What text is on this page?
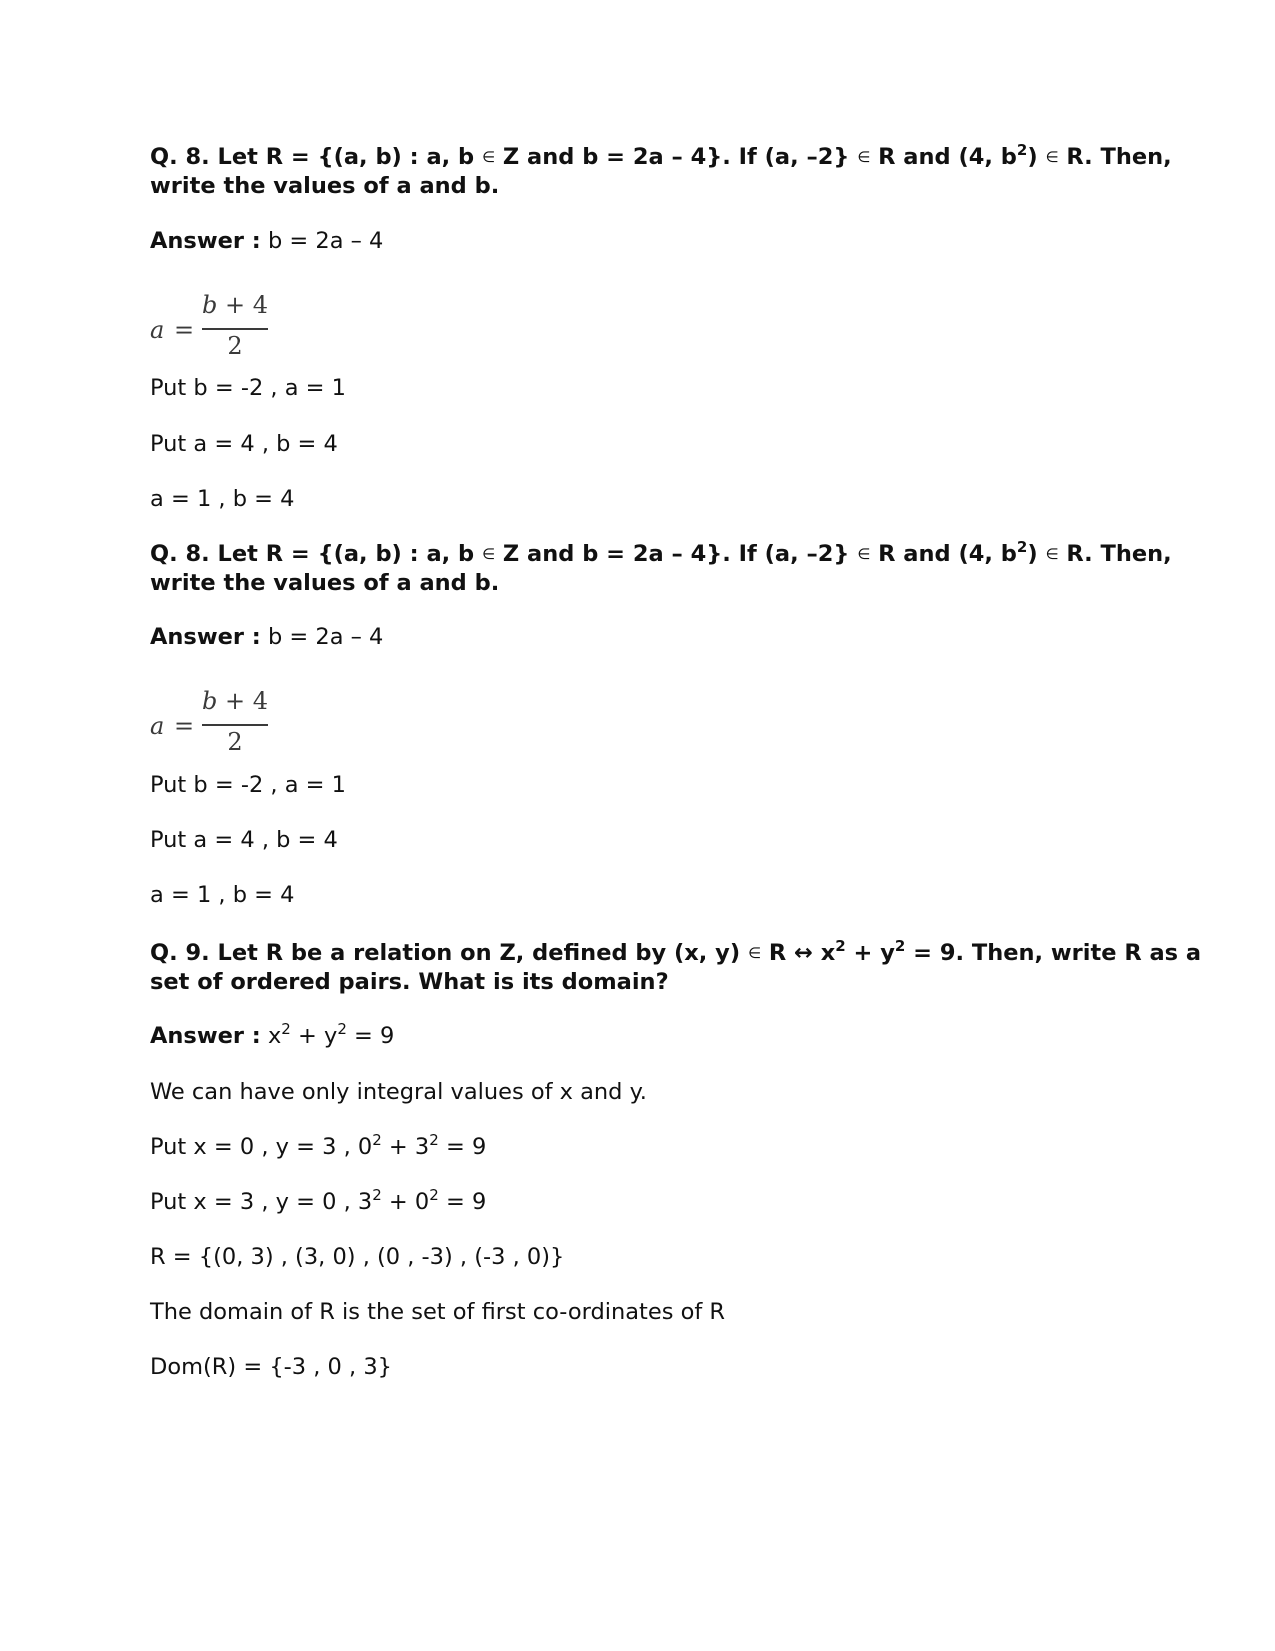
Q. 8. Let R = {(a, b) : a, b ∈ Z and b = 2a – 4}. If (a, –2} ∈ R and (4, $b^2$) ∈ R. Then,
write the values of a and b.
Answer : b = 2a – 4
a =
b + 4
2
Put b = -2 , a = 1
Put a = 4 , b = 4
a = 1 , b = 4
Q. 8. Let R = {(a, b) : a, b ∈ Z and b = 2a – 4}. If (a, –2} ∈ R and (4, $b^2$) ∈ R. Then,
write the values of a and b.
Answer : b = 2a – 4
a =
b + 4
2
Put b = -2 , a = 1
Put a = 4 , b = 4
a = 1 , b = 4
Q. 9. Let R be a relation on Z, defined by (x, y) ∈ R ↔ $x^2 + y^2 = 9$. Then, write R as a
set of ordered pairs. What is its domain?
Answer : $x^2 + y^2 = 9$
We can have only integral values of x and y.
Put x = 0 , y = 3 , $0^2 + 3^2 = 9$
Put x = 3 , y = 0 , $3^2 + 0^2 = 9$
R = {(0, 3) , (3, 0) , (0 , -3) , (-3 , 0)}
The domain of R is the set of first co-ordinates of R
Dom(R) = {-3 , 0 , 3}
